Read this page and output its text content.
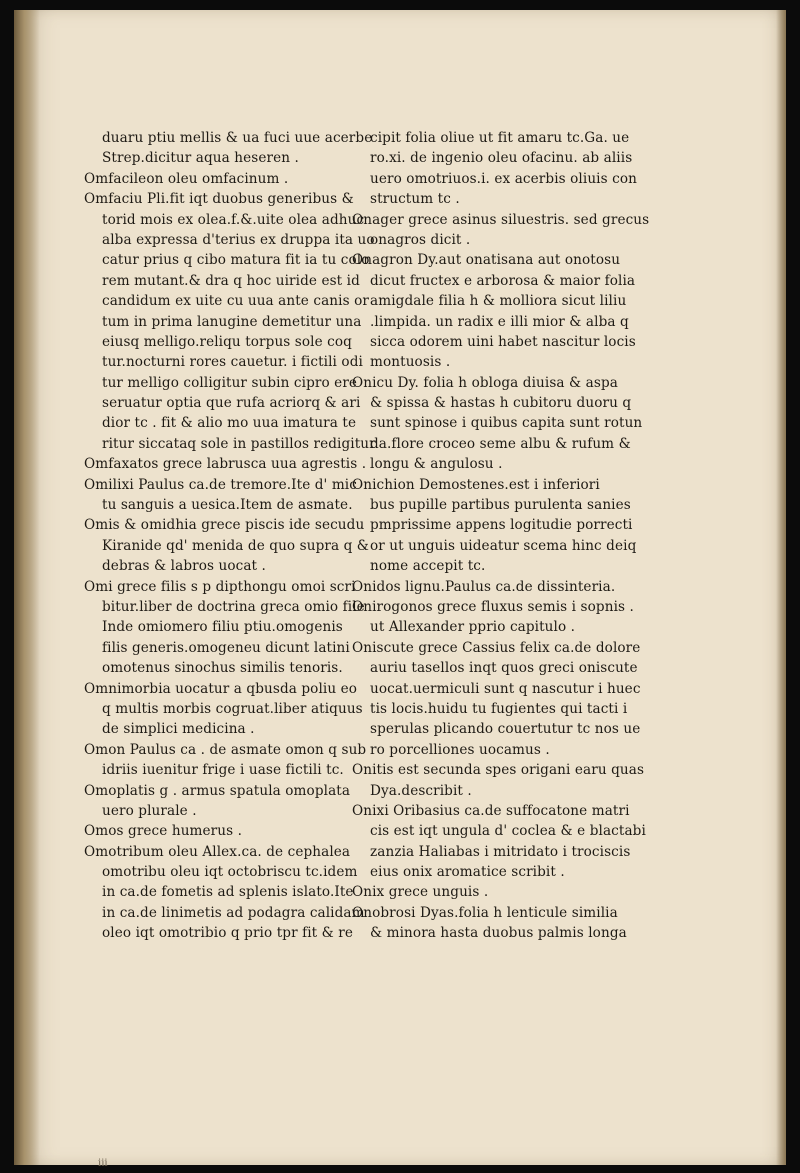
duaru ptiu mellis & ua fuci uue acerbe
Strep.dicitur aqua heseren .
Omfacileon oleu omfacinum .
Omfaciu Pli.fit iqt duobus generibus &
torid mois ex olea.f.&.uite olea adhuc
alba expressa d'terius ex druppa ita uo
catur prius q cibo matura fit ia tu colo
rem mutant.& dra q hoc uiride est id
candidum ex uite cu uua ante canis or
tum in prima lanugine demetitur una
eiusq melligo.reliqu torpus sole coq
tur.nocturni rores cauetur. i fictili odi
tur melligo colligitur subin cipro ere
seruatur optia que rufa acriorq & ari
dior tc . fit & alio mo uua imatura te
ritur siccataq sole in pastillos redigitur
Omfaxatos grece labrusca uua agrestis .
Omilixi Paulus ca.de tremore.Ite d' mic
tu sanguis a uesica.Item de asmate.
Omis & omidhia grece piscis ide secudu
Kiranide qd' menida de quo supra q &
debras & labros uocat .
Omi grece filis s p dipthongu omoi scri
bitur.liber de doctrina greca omio file
Inde omiomero filiu ptiu.omogenis
filis generis.omogeneu dicunt latini
omotenus sinochus similis tenoris.
Omnimorbia uocatur a qbusda poliu eo
q multis morbis cogruat.liber atiquus
de simplici medicina .
Omon Paulus ca . de asmate omon q sub
idriis iuenitur frige i uase fictili tc.
Omoplatis g . armus spatula omoplata
uero plurale .
Omos grece humerus .
Omotribum oleu Allex.ca. de cephalea
omotribu oleu iqt octobriscu tc.idem
in ca.de fometis ad splenis islato.Ite
in ca.de linimetis ad podagra calidam
oleo iqt omotribio q prio tpr fit & re
cipit folia oliue ut fit amaru tc.Ga. ue
ro.xi. de ingenio oleu ofacinu. ab aliis
uero omotriuos.i. ex acerbis oliuis con
structum tc .
Onager grece asinus siluestris. sed grecus
onagros dicit .
Onagron Dy.aut onatisana aut onotosu
dicut fructex e arborosa & maior folia
amigdale filia h & molliora sicut liliu
.limpida. un radix e illi mior & alba q
sicca odorem uini habet nascitur locis
montuosis .
Onicu Dy. folia h obloga diuisa & aspa
& spissa & hastas h cubitoru duoru q
sunt spinose i quibus capita sunt rotun
da.flore croceo seme albu & rufum &
longu & angulosu .
Onichion Demostenes.est i inferiori
bus pupille partibus purulenta sanies
pmprissime appens logitudie porrecti
or ut unguis uideatur scema hinc deiq
nome accepit tc.
Onidos lignu.Paulus ca.de dissinteria.
Onirogonos grece fluxus semis i sopnis .
ut Allexander pprio capitulo .
Oniscute grece Cassius felix ca.de dolore
auriu tasellos inqt quos greci oniscute
uocat.uermiculi sunt q nascutur i huec
tis locis.huidu tu fugientes qui tacti i
sperulas plicando couertutur tc nos ue
ro porcelliones uocamus .
Onitis est secunda spes origani earu quas
Dya.describit .
Onixi Oribasius ca.de suffocatone matri
cis est iqt ungula d' coclea & e blactabi
zanzia Haliabas i mitridato i trociscis
eius onix aromatice scribit .
Onix grece unguis .
Onobrosi Dyas.folia h lenticule similia
& minora hasta duobus palmis longa
iii
